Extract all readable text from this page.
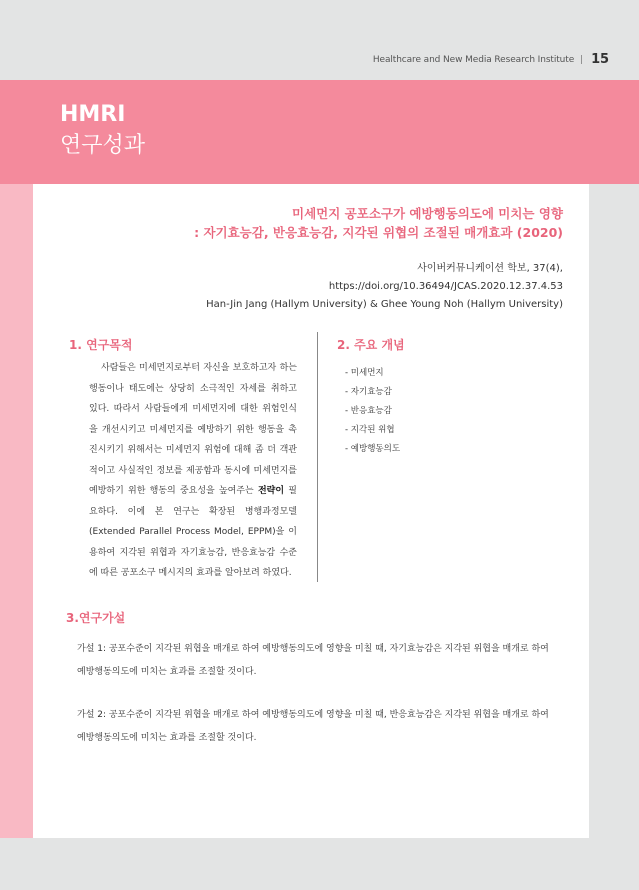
Healthcare and New Media Research Institute | 15
HMRI
연구성과
미세먼지 공포소구가 예방행동의도에 미치는 영향
: 자기효능감, 반응효능감, 지각된 위협의 조절된 매개효과 (2020)
사이버커뮤니케이션 학보, 37(4),
https://doi.org/10.36494/JCAS.2020.12.37.4.53
Han-Jin Jang (Hallym University) & Ghee Young Noh (Hallym University)
1. 연구목적
사람들은 미세먼지로부터 자신을 보호하고자 하는 행동이나 태도에는 상당히 소극적인 자세를 취하고 있다. 따라서 사람들에게 미세먼지에 대한 위험인식을 개선시키고 미세먼지를 예방하기 위한 행동을 촉진시키기 위해서는 미세먼지 위험에 대해 좀 더 객관적이고 사실적인 정보를 제공함과 동시에 미세먼지를 예방하기 위한 행동의 중요성을 높여주는 전략이 필요하다. 이에 본 연구는 확장된 병행과정모델(Extended Parallel Process Model, EPPM)을 이용하여 지각된 위협과 자기효능감, 반응효능감 수준에 따른 공포소구 메시지의 효과를 알아보려 하였다.
2. 주요 개념
- 미세먼지
- 자기효능감
- 반응효능감
- 지각된 위협
- 예방행동의도
3.연구가설
가설 1: 공포수준이 지각된 위협을 매개로 하여 예방행동의도에 영향을 미칠 때, 자기효능감은 지각된 위협을 매개로 하여 예방행동의도에 미치는 효과를 조절할 것이다.
가설 2: 공포수준이 지각된 위협을 매개로 하여 예방행동의도에 영향을 미칠 때, 반응효능감은 지각된 위협을 매개로 하여 예방행동의도에 미치는 효과를 조절할 것이다.
